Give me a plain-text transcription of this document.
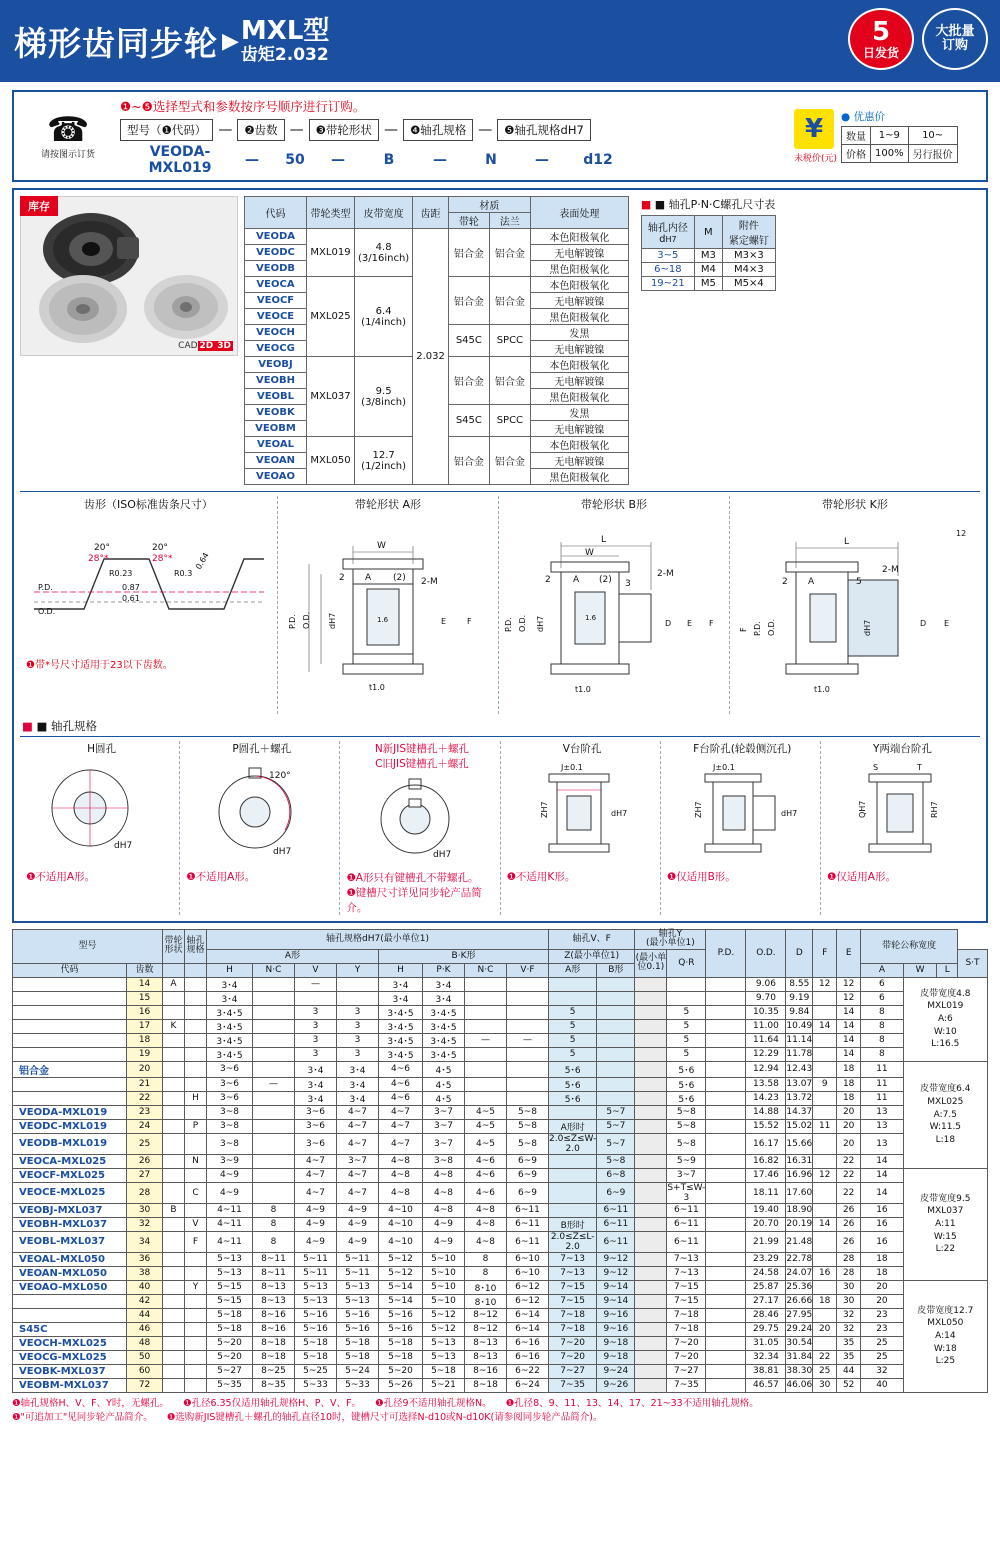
梯形齿同步轮 ▶ MXL型
齿矩2.032
5
日发货
大批量
订购
☎
请按图示订货
❶~❺选择型式和参数按序号顺序进行订购。
型号（❶代码） —	❷齿数 —	❸带轮形状 —	❹轴孔规格 —	❺轴孔规格dH7
VEODA-MXL019	—	50	—	B	—	N	—	d12
¥
未税价(元)
● 优惠价
数量	1~9	10~
价格	100%	另行报价
库存
CAD 2D 3D
代码	带轮类型	皮带宽度	齿距	材质		表面处理
				带轮	法兰	
VEODA	MXL019	4.8
(3/16inch)	2.032	铝合金	铝合金	本色阳极氧化
VEODC						无电解镀镍
VEODB						黑色阳极氧化
VEOCA	MXL025	6.4
(1/4inch)		铝合金	铝合金	本色阳极氧化
VEOCF						无电解镀镍
VEOCE						黑色阳极氧化
VEOCH				S45C	SPCC	发黑
VEOCG						无电解镀镍
VEOBJ	MXL037	9.5
(3/8inch)		铝合金	铝合金	本色阳极氧化
VEOBH						无电解镀镍
VEOBL						黑色阳极氧化
VEOBK				S45C	SPCC	发黑
VEOBM						无电解镀镍
VEOAL	MXL050	12.7
(1/2inch)		铝合金	铝合金	本色阳极氧化
VEOAN						无电解镀镍
VEOAO						黑色阳极氧化
■ ■ 轴孔P·N·C螺孔尺寸表
轴孔内径
dH7	M	附件
紧定螺钉
3~5	M3	M3×3
6~18	M4	M4×3
19~21	M5	M5×4
齿形（ISO标准齿条尺寸）
20°
28°*
20°
28°*
P.D.
O.D.
R0.23	R0.3
0.64
0.87
0.61
❶带*号尺寸适用于23以下齿数。
带轮形状 A形
W
2 A (2) 2-M
P.D. O.D. dH7	1.6	E	F
t1.0
带轮形状 B形
L
W
2 A (2) 3
2-M
P.D. O.D. dH7	1.6
D E F
t1.0
带轮形状 K形
L
2 A	5
2-M
F P.D. O.D.	dH7	D E
t1.0
12
■ ■ 轴孔规格
H圆孔
dH7
❶不适用A形。
P圆孔＋螺孔
120°
dH7
❶不适用A形。
N新JIS键槽孔＋螺孔
C旧JIS键槽孔＋螺孔
dH7
❶A形只有键槽孔不带螺孔。
❶键槽尺寸详见同步轮产品简介。
V台阶孔
J±0.1
dH7
ZH7
❶不适用K形。
F台阶孔(轮毂侧沉孔)
J±0.1
dH7
ZH7
❶仅适用B形。
Y两端台阶孔
S	T
QH7	RH7
❶仅适用A形。
型号		带轮
形状	轴孔
规格	轴孔规格dH7(最小单位1)								轴孔V、F		轴孔Y
(最小单位1)		P.D.	O.D.	D	F	E	带轮公称宽度			
				A形				B·K形				Z(最小单位1)		(最小单位0.1)	Q·R									S·T
代码	齿数			H	N·C	V	Y	H	P·K	N·C	V·F	A形	B形								A	W	L	
	14	A		3･4		—		3･4	3･4								9.06	8.55	12	12	6	皮带宽度4.8
MXL019
A:6
W:10
L:16.5		
	15			3･4				3･4	3･4								9.70	9.19		12	6			
	16			3･4･5		3	3	3･4･5	3･4･5			5			5		10.35	9.84		14	8			
	17	K		3･4･5		3	3	3･4･5	3･4･5			5			5		11.00	10.49	14	14	8			
	18			3･4･5		3	3	3･4･5	3･4･5	—	—	5			5		11.64	11.14		14	8			
	19			3･4･5		3	3	3･4･5	3･4･5			5			5		12.29	11.78		14	8			
铝合金	20			3~6		3･4	3･4	4~6	4･5			5･6			5･6		12.94	12.43		18	11	皮带宽度6.4
MXL025
A:7.5
W:11.5
L:18		
	21			3~6	—	3･4	3･4	4~6	4･5			5･6			5･6		13.58	13.07	9	18	11			
	22		H	3~6		3･4	3･4	4~6	4･5			5･6			5･6		14.23	13.72		18	11			
VEODA-MXL019	23			3~8		3~6	4~7	4~7	3~7	4~5	5~8		5~7		5~8		14.88	14.37		20	13			
VEODC-MXL019	24		P	3~8		3~6	4~7	4~7	3~7	4~5	5~8	A形时	5~7		5~8		15.52	15.02	11	20	13			
VEODB-MXL019	25			3~8		3~6	4~7	4~7	3~7	4~5	5~8	2.0≤Z≤W-2.0	5~7		5~8		16.17	15.66		20	13			
VEOCA-MXL025	26		N	3~9		4~7	3~7	4~8	3~8	4~6	6~9		5~8		5~9		16.82	16.31		22	14			
VEOCF-MXL025	27			4~9		4~7	4~7	4~8	4~8	4~6	6~9		6~8		3~7		17.46	16.96	12	22	14	皮带宽度9.5
MXL037
A:11
W:15
L:22		
VEOCE-MXL025	28		C	4~9		4~7	4~7	4~8	4~8	4~6	6~9		6~9		S+T≤W-3		18.11	17.60		22	14			
VEOBJ-MXL037	30	B		4~11	8	4~9	4~9	4~10	4~8	4~8	6~11		6~11		6~11		19.40	18.90		26	16			
VEOBH-MXL037	32		V	4~11	8	4~9	4~9	4~10	4~9	4~8	6~11	B形时	6~11		6~11		20.70	20.19	14	26	16			
VEOBL-MXL037	34		F	4~11	8	4~9	4~9	4~10	4~9	4~8	6~11	2.0≤Z≤L-2.0	6~11		6~11		21.99	21.48		26	16			
VEOAL-MXL050	36			5~13	8~11	5~11	5~11	5~12	5~10	8	6~10	7~13	9~12		7~13		23.29	22.78		28	18			
VEOAN-MXL050	38			5~13	8~11	5~11	5~11	5~12	5~10	8	6~10	7~13	9~12		7~13		24.58	24.07	16	28	18			
VEOAO-MXL050	40		Y	5~15	8~13	5~13	5~13	5~14	5~10	8･10	6~12	7~15	9~14		7~15		25.87	25.36		30	20	皮带宽度12.7
MXL050
A:14
W:18
L:25		
	42			5~15	8~13	5~13	5~13	5~14	5~10	8･10	6~12	7~15	9~14		7~15		27.17	26.66	18	30	20			
	44			5~18	8~16	5~16	5~16	5~16	5~12	8~12	6~14	7~18	9~16		7~18		28.46	27.95		32	23			
S45C	46			5~18	8~16	5~16	5~16	5~16	5~12	8~12	6~14	7~18	9~16		7~18		29.75	29.24	20	32	23			
VEOCH-MXL025	48			5~20	8~18	5~18	5~18	5~18	5~13	8~13	6~16	7~20	9~18		7~20		31.05	30.54		35	25			
VEOCG-MXL025	50			5~20	8~18	5~18	5~18	5~18	5~13	8~13	6~16	7~20	9~18		7~20		32.34	31.84	22	35	25			
VEOBK-MXL037	60			5~27	8~25	5~25	5~24	5~20	5~18	8~16	6~22	7~27	9~24		7~27		38.81	38.30	25	44	32			
VEOBM-MXL037	72			5~35	8~35	5~33	5~33	5~26	5~21	8~18	6~24	7~35	9~26		7~35		46.57	46.06	30	52	40			
❶轴孔规格H、V、F、Y时，无螺孔。 ❶孔径6.35仅适用轴孔规格H、P、V、F。 ❶孔径9不适用轴孔规格N。 ❶孔径8、9、11、13、14、17、21~33不适用轴孔规格。
❶"可追加工"见同步轮产品简介。 ❶选购新JIS键槽孔＋螺孔的轴孔直径10时，键槽尺寸可选择N-d10或N-d10K(请参阅同步轮产品简介)。
